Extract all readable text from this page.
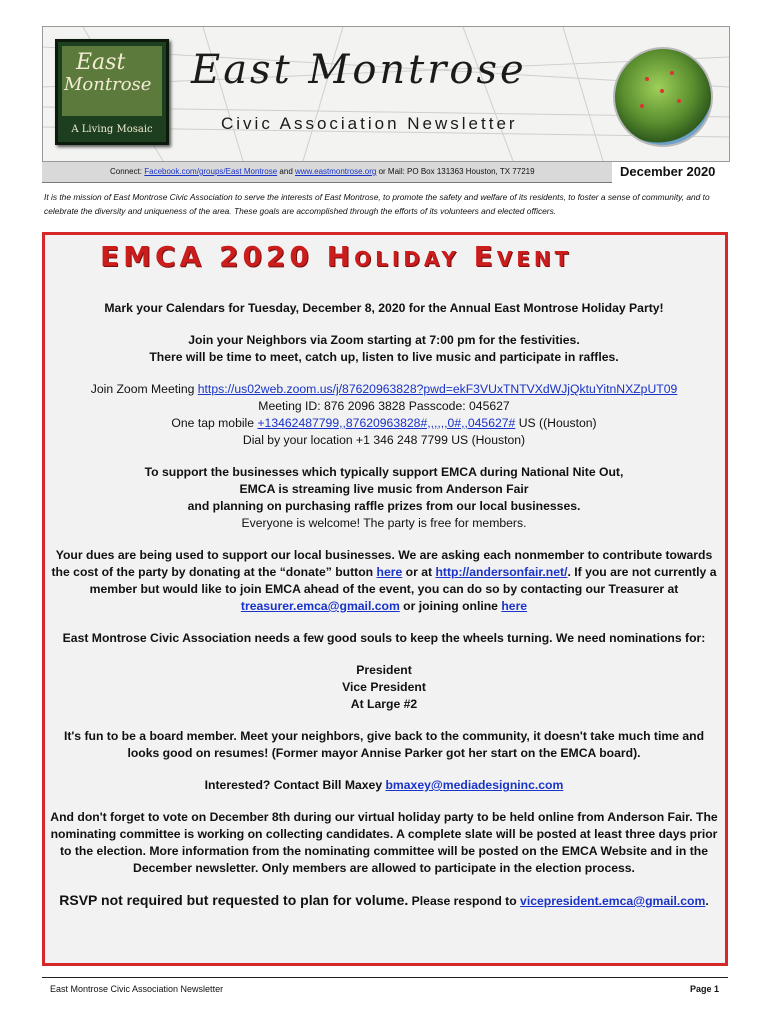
East
Montrose
A Living Mosaic
East Montrose
Civic Association Newsletter
Connect: Facebook.com/groups/East Montrose and www.eastmontrose.org or Mail: PO Box 131363 Houston, TX 77219	December 2020
It is the mission of East Montrose Civic Association to serve the interests of East Montrose, to promote the safety and welfare of its residents, to foster a sense of community, and to celebrate the diversity and uniqueness of the area. These goals are accomplished through the efforts of its volunteers and elected officers.
EMCA 2020 Holiday Event

Mark your Calendars for Tuesday, December 8, 2020 for the Annual East Montrose Holiday Party!

Join your Neighbors via Zoom starting at 7:00 pm for the festivities.
There will be time to meet, catch up, listen to live music and participate in raffles.

Join Zoom Meeting https://us02web.zoom.us/j/87620963828?pwd=ekF3VUxTNTVXdWJjQktuYitnNXZpUT09
Meeting ID: 876 2096 3828 Passcode: 045627
One tap mobile +13462487799,,87620963828#,,,,,,0#,,045627# US ((Houston)
Dial by your location +1 346 248 7799 US (Houston)

To support the businesses which typically support EMCA during National Nite Out,
EMCA is streaming live music from Anderson Fair
and planning on purchasing raffle prizes from our local businesses.
Everyone is welcome! The party is free for members.

Your dues are being used to support our local businesses. We are asking each nonmember to contribute towards the cost of the party by donating at the “donate” button here or at http://andersonfair.net/. If you are not currently a member but would like to join EMCA ahead of the event, you can do so by contacting our Treasurer at treasurer.emca@gmail.com or joining online here

East Montrose Civic Association needs a few good souls to keep the wheels turning. We need nominations for:

President
Vice President
At Large #2

It's fun to be a board member. Meet your neighbors, give back to the community, it doesn't take much time and looks good on resumes! (Former mayor Annise Parker got her start on the EMCA board).

Interested? Contact Bill Maxey bmaxey@mediadesigninc.com

And don't forget to vote on December 8th during our virtual holiday party to be held online from Anderson Fair. The nominating committee is working on collecting candidates. A complete slate will be posted at least three days prior to the election. More information from the nominating committee will be posted on the EMCA Website and in the December newsletter. Only members are allowed to participate in the election process.

RSVP not required but requested to plan for volume. Please respond to vicepresident.emca@gmail.com.

East Montrose Civic Association Newsletter	Page 1
